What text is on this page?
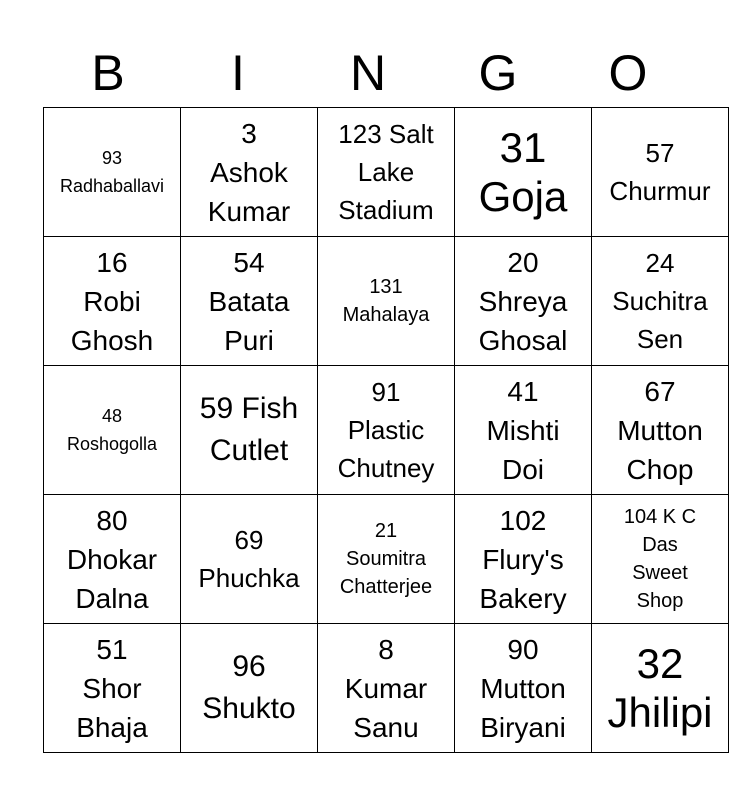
B	I	N	G	O
93
Radhaballavi	3
Ashok
Kumar	123 Salt
Lake
Stadium	31
Goja	57
Churmur

16
Robi
Ghosh	54
Batata
Puri	131
Mahalaya	20
Shreya
Ghosal	24
Suchitra
Sen

48
Roshogolla	59 Fish
Cutlet	91
Plastic
Chutney	41
Mishti
Doi	67
Mutton
Chop

80
Dhokar
Dalna	69
Phuchka	21
Soumitra
Chatterjee	102
Flury's
Bakery	104 K C
Das
Sweet
Shop

51
Shor
Bhaja	96
Shukto	8
Kumar
Sanu	90
Mutton
Biryani	32
Jhilipi
